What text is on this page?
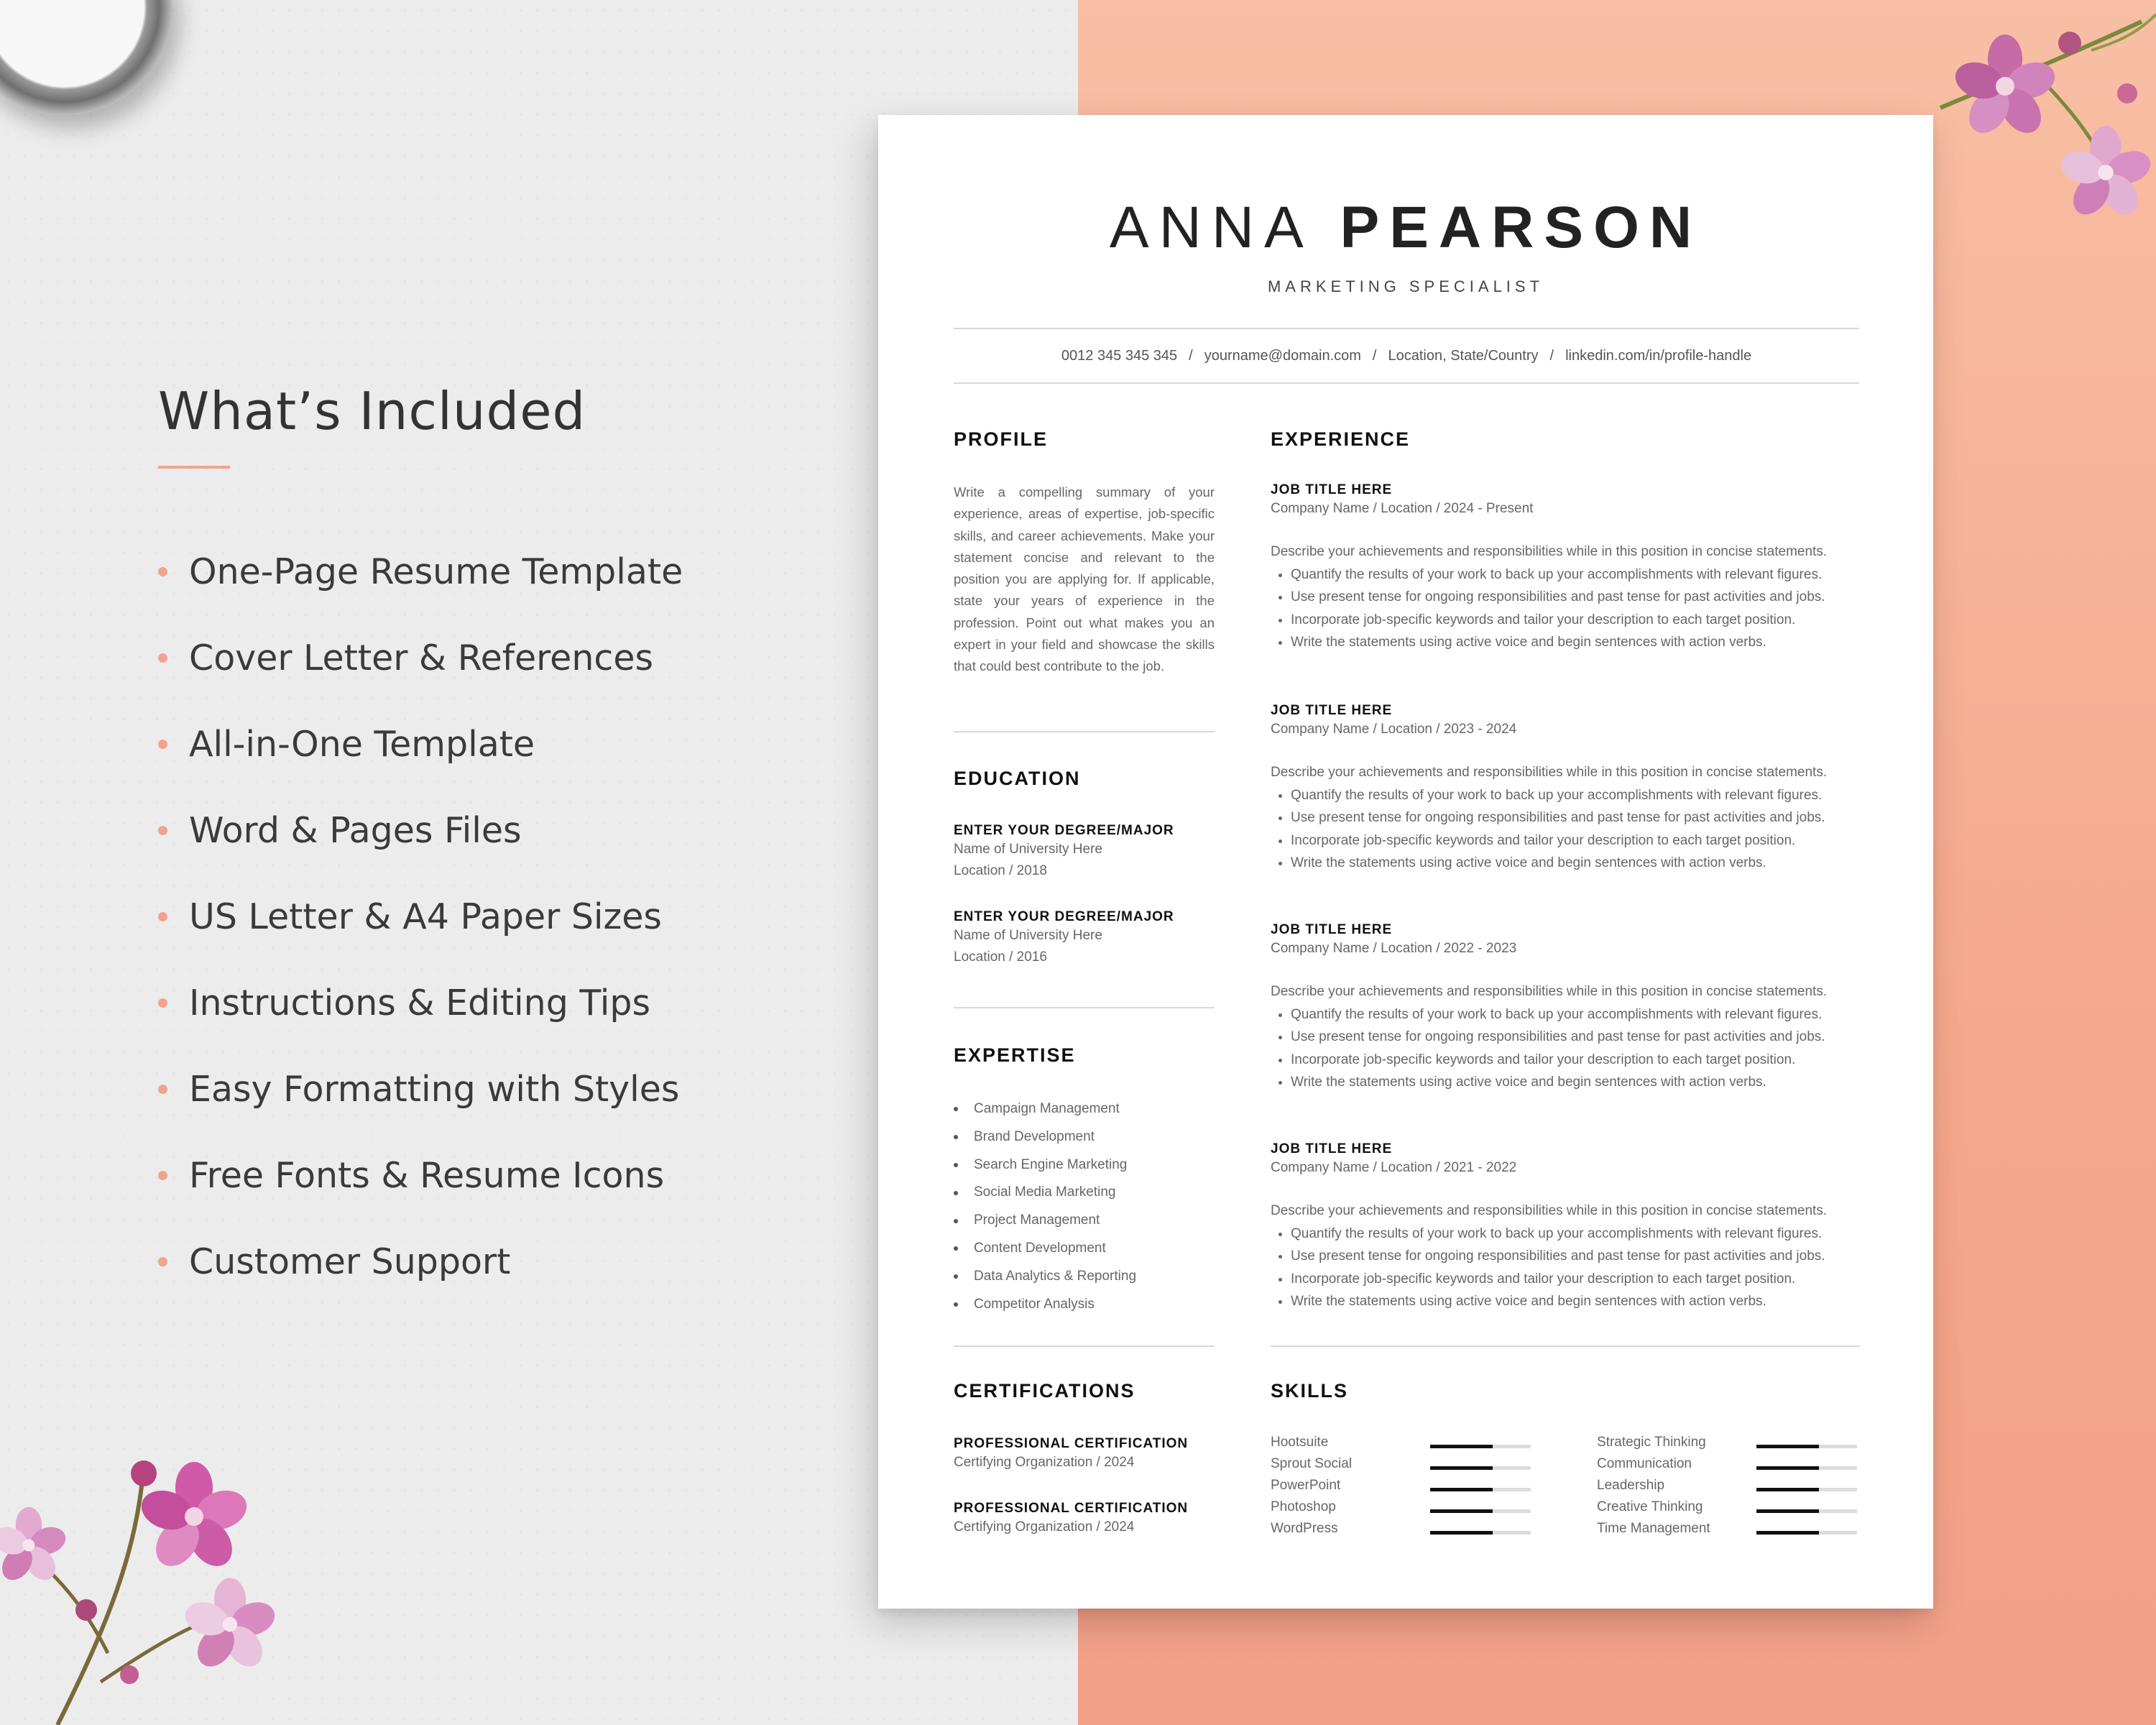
What’s Included
One-Page Resume Template
Cover Letter & References
All-in-One Template
Word & Pages Files
US Letter & A4 Paper Sizes
Instructions & Editing Tips
Easy Formatting with Styles
Free Fonts & Resume Icons
Customer Support
ANNA PEARSON
MARKETING SPECIALIST
0012 345 345 345 / yourname@domain.com / Location, State/Country / linkedin.com/in/profile-handle
PROFILE
Write a compelling summary of your experience, areas of expertise, job-specific skills, and career achievements. Make your statement concise and relevant to the position you are applying for. If applicable, state your years of experience in the profession. Point out what makes you an expert in your field and showcase the skills that could best contribute to the job.
EDUCATION
ENTER YOUR DEGREE/MAJOR
Name of University Here
Location / 2018
ENTER YOUR DEGREE/MAJOR
Name of University Here
Location / 2016
EXPERTISE
Campaign Management
Brand Development
Search Engine Marketing
Social Media Marketing
Project Management
Content Development
Data Analytics & Reporting
Competitor Analysis
CERTIFICATIONS
PROFESSIONAL CERTIFICATION
Certifying Organization / 2024
PROFESSIONAL CERTIFICATION
Certifying Organization / 2024
EXPERIENCE
JOB TITLE HERE
Company Name / Location / 2024 - Present
Describe your achievements and responsibilities while in this position in concise statements.
• Quantify the results of your work to back up your accomplishments with relevant figures.
• Use present tense for ongoing responsibilities and past tense for past activities and jobs.
• Incorporate job-specific keywords and tailor your description to each target position.
• Write the statements using active voice and begin sentences with action verbs.
JOB TITLE HERE
Company Name / Location / 2023 - 2024
Describe your achievements and responsibilities while in this position in concise statements.
• Quantify the results of your work to back up your accomplishments with relevant figures.
• Use present tense for ongoing responsibilities and past tense for past activities and jobs.
• Incorporate job-specific keywords and tailor your description to each target position.
• Write the statements using active voice and begin sentences with action verbs.
JOB TITLE HERE
Company Name / Location / 2022 - 2023
Describe your achievements and responsibilities while in this position in concise statements.
• Quantify the results of your work to back up your accomplishments with relevant figures.
• Use present tense for ongoing responsibilities and past tense for past activities and jobs.
• Incorporate job-specific keywords and tailor your description to each target position.
• Write the statements using active voice and begin sentences with action verbs.
JOB TITLE HERE
Company Name / Location / 2021 - 2022
Describe your achievements and responsibilities while in this position in concise statements.
• Quantify the results of your work to back up your accomplishments with relevant figures.
• Use present tense for ongoing responsibilities and past tense for past activities and jobs.
• Incorporate job-specific keywords and tailor your description to each target position.
• Write the statements using active voice and begin sentences with action verbs.
SKILLS
Hootsuite
Sprout Social
PowerPoint
Photoshop
WordPress
Strategic Thinking
Communication
Leadership
Creative Thinking
Time Management
